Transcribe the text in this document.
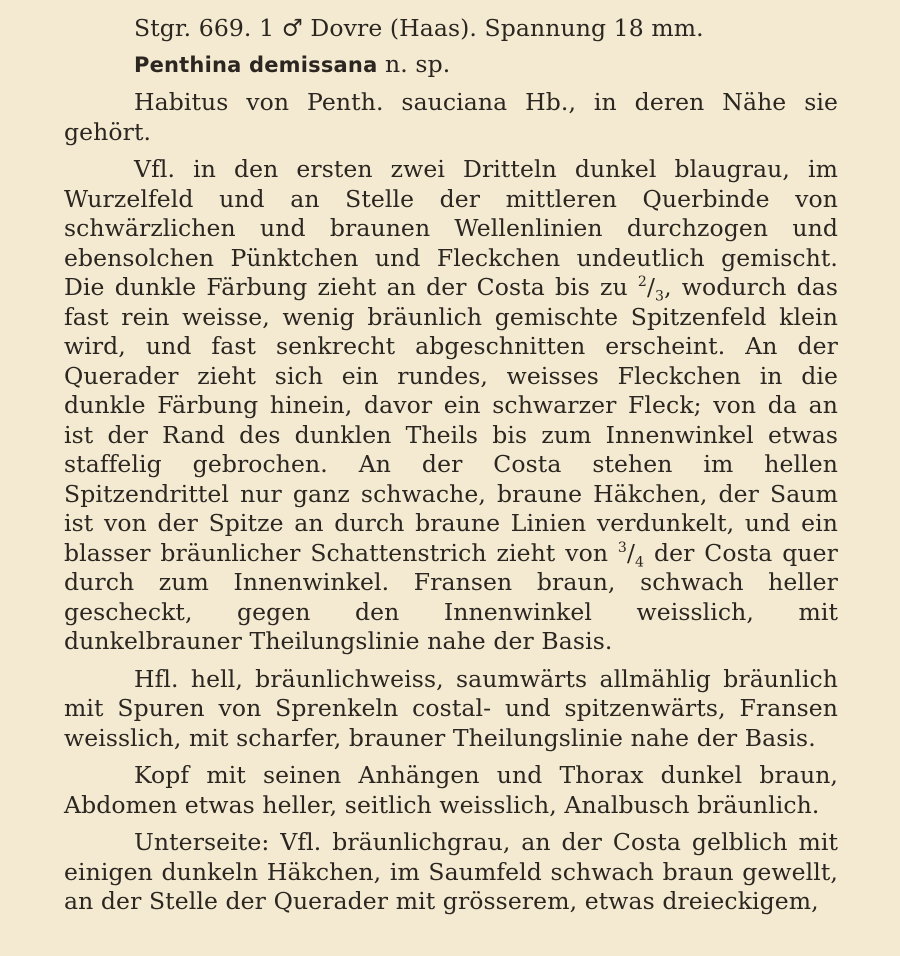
Stgr. 669. 1 ♂ Dovre (Haas). Spannung 18 mm.

Penthina demissana n. sp.

Habitus von Penth. sauciana Hb., in deren Nähe sie gehört.

Vfl. in den ersten zwei Dritteln dunkel blaugrau, im Wurzelfeld und an Stelle der mittleren Querbinde von schwärzlichen und braunen Wellenlinien durchzogen und ebensolchen Pünktchen und Fleckchen undeutlich gemischt. Die dunkle Färbung zieht an der Costa bis zu $^2/_3$, wodurch das fast rein weisse, wenig bräunlich gemischte Spitzenfeld klein wird, und fast senkrecht abgeschnitten erscheint. An der Querader zieht sich ein rundes, weisses Fleckchen in die dunkle Färbung hinein, davor ein schwarzer Fleck; von da an ist der Rand des dunklen Theils bis zum Innenwinkel etwas staffelig gebrochen. An der Costa stehen im hellen Spitzendrittel nur ganz schwache, braune Häkchen, der Saum ist von der Spitze an durch braune Linien verdunkelt, und ein blasser bräunlicher Schattenstrich zieht von $^3/_4$ der Costa quer durch zum Innenwinkel. Fransen braun, schwach heller gescheckt, gegen den Innenwinkel weisslich, mit dunkelbrauner Theilungslinie nahe der Basis.

Hfl. hell, bräunlichweiss, saumwärts allmählig bräunlich mit Spuren von Sprenkeln costal- und spitzenwärts, Fransen weisslich, mit scharfer, brauner Theilungslinie nahe der Basis.

Kopf mit seinen Anhängen und Thorax dunkel braun, Abdomen etwas heller, seitlich weisslich, Analbusch bräunlich.

Unterseite: Vfl. bräunlichgrau, an der Costa gelblich mit einigen dunkeln Häkchen, im Saumfeld schwach braun gewellt, an der Stelle der Querader mit grösserem, etwas dreieckigem,
